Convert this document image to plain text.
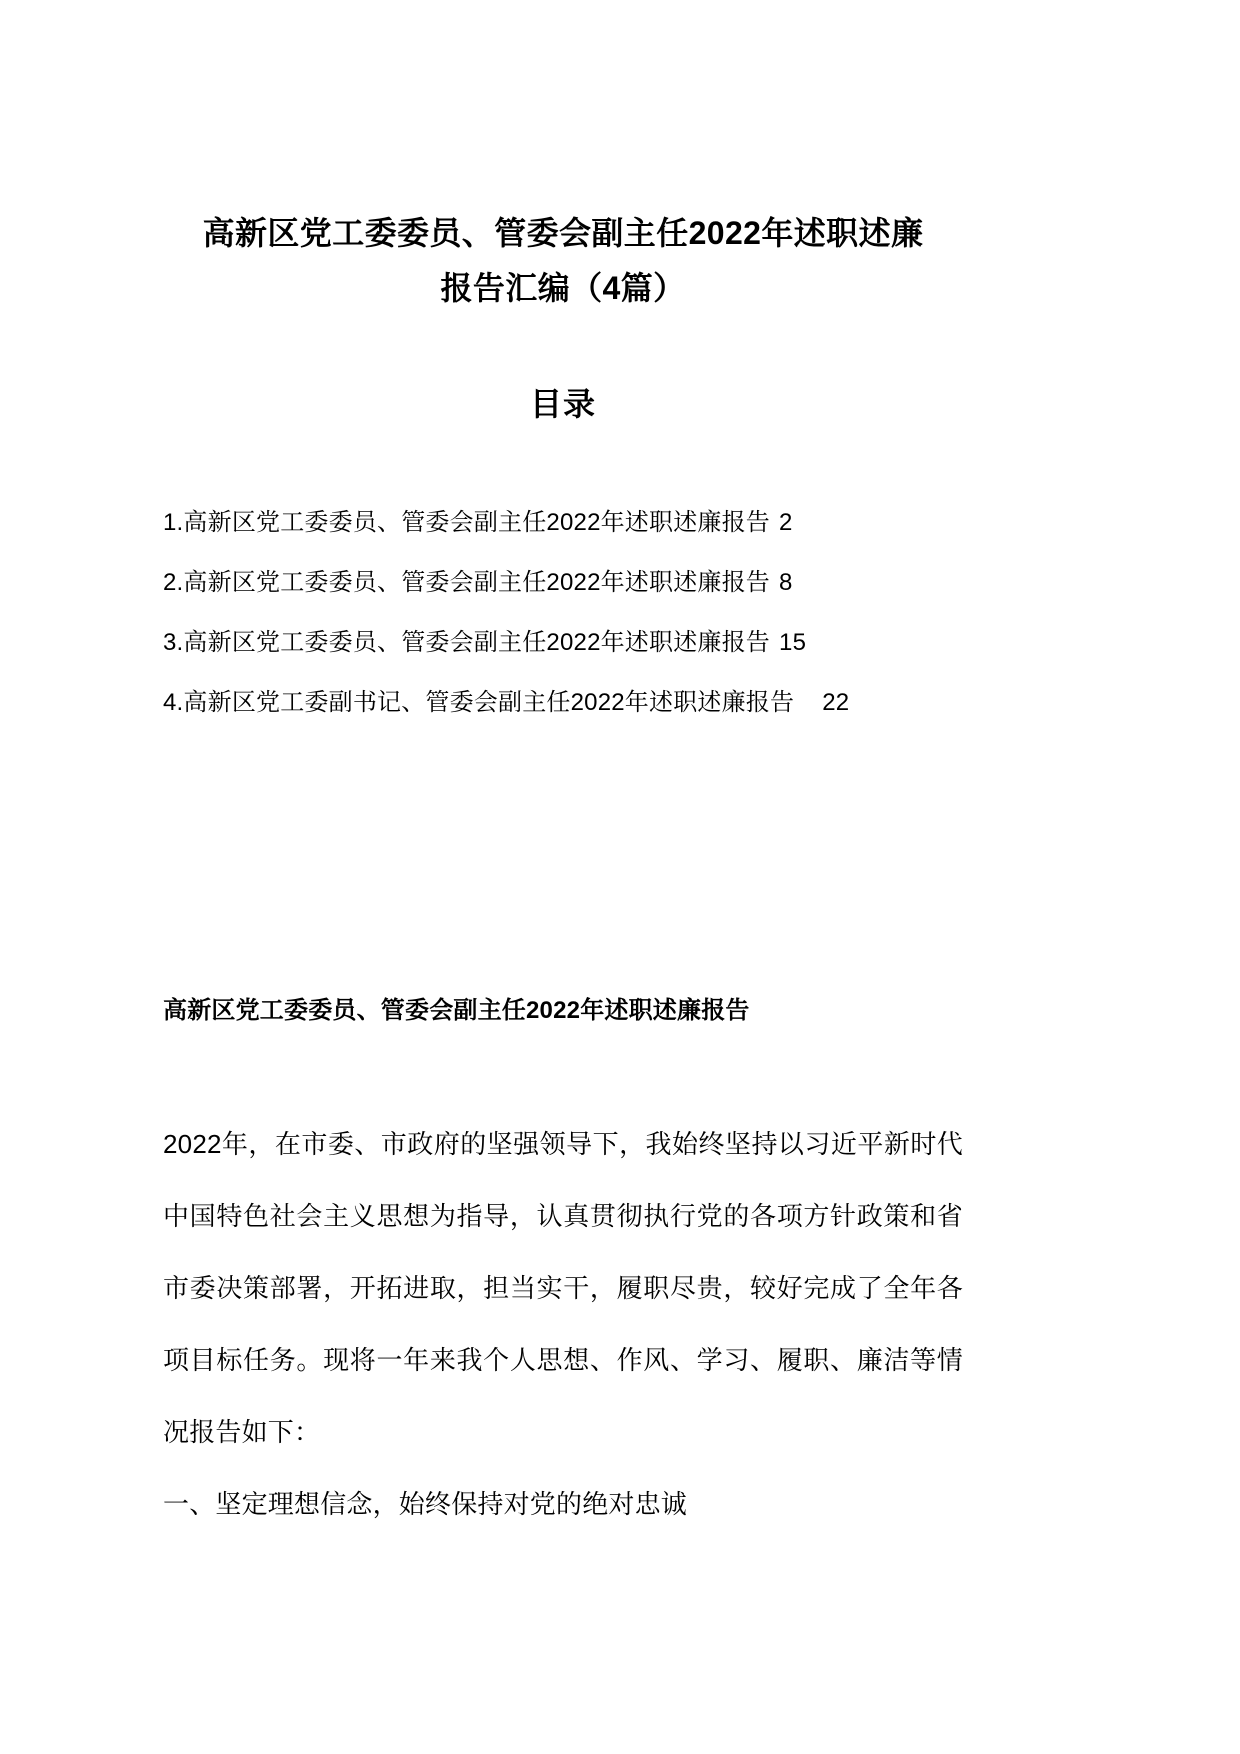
高新区党工委委员、管委会副主任2022年述职述廉
报告汇编（4篇）
目录
1.高新区党工委委员、管委会副主任2022年述职述廉报告 2
2.高新区党工委委员、管委会副主任2022年述职述廉报告 8
3.高新区党工委委员、管委会副主任2022年述职述廉报告 15
4.高新区党工委副书记、管委会副主任2022年述职述廉报告 22
高新区党工委委员、管委会副主任2022年述职述廉报告

2022年，在市委、市政府的坚强领导下，我始终坚持以习近平新时代中国特色社会主义思想为指导，认真贯彻执行党的各项方针政策和省市委决策部署，开拓进取，担当实干，履职尽贵，较好完成了全年各项目标任务。现将一年来我个人思想、作风、学习、履职、廉洁等情况报告如下：

一、坚定理想信念，始终保持对党的绝对忠诚
